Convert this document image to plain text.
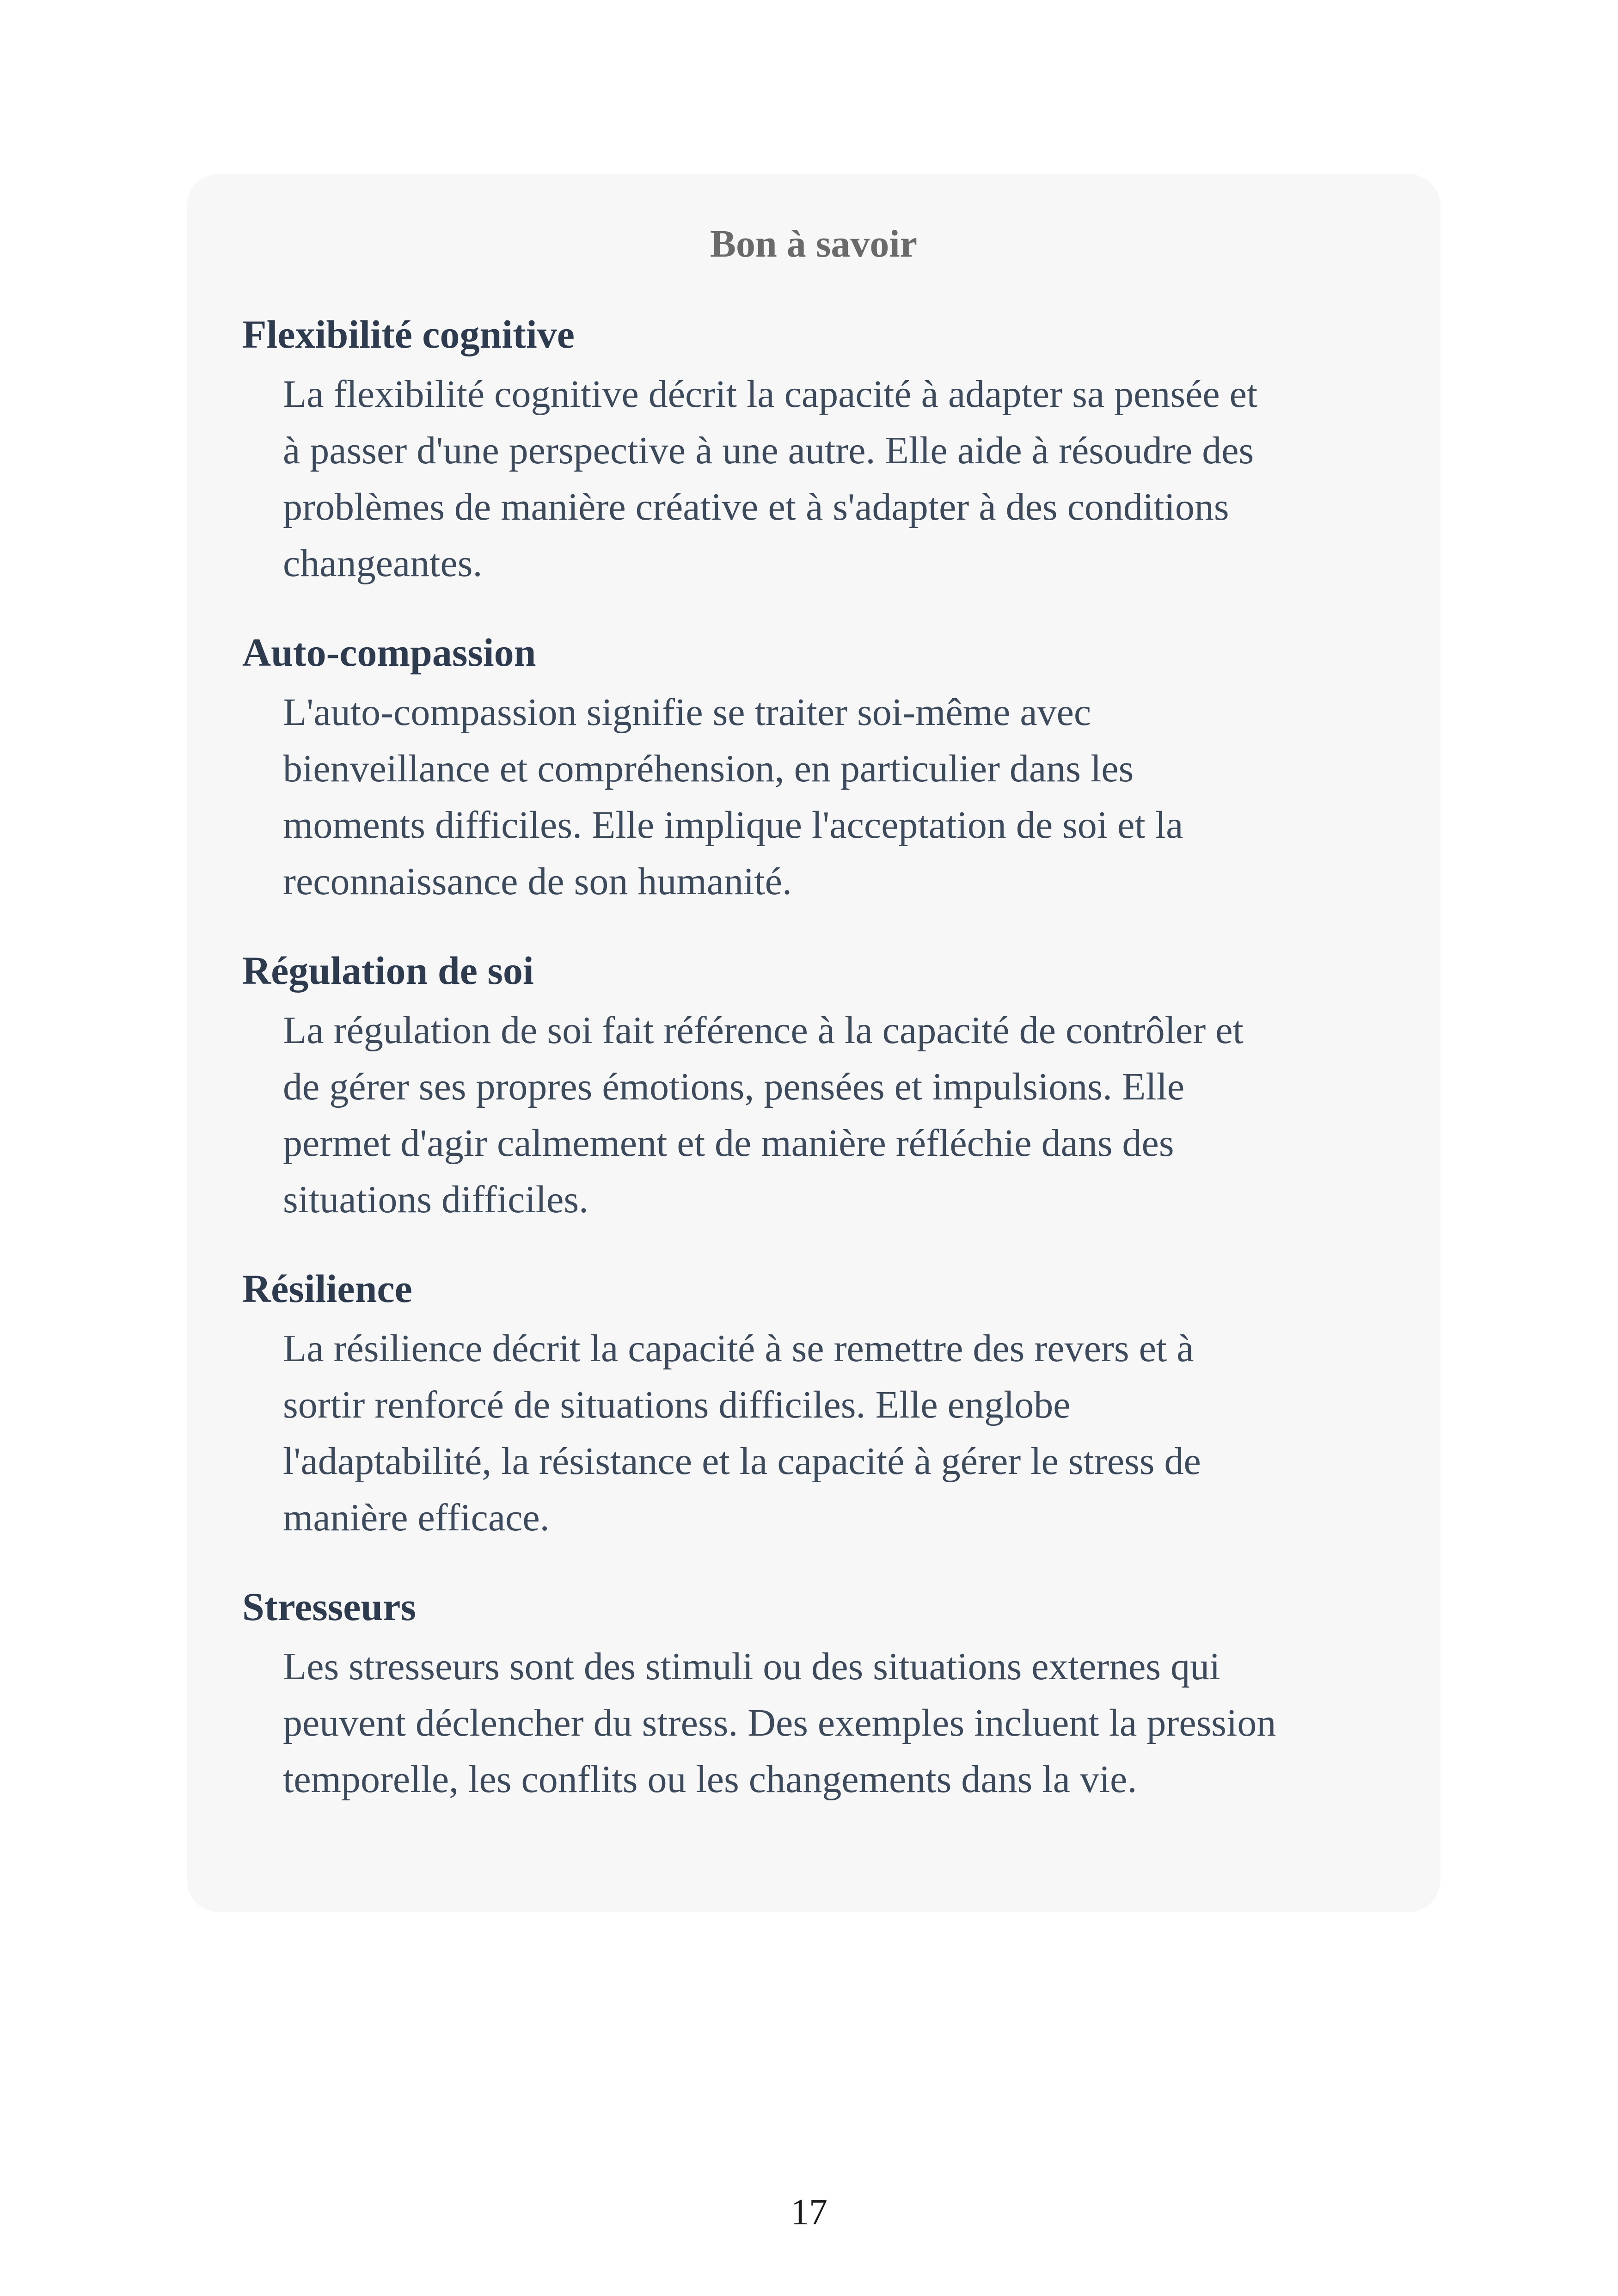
Bon à savoir
Flexibilité cognitive
La flexibilité cognitive décrit la capacité à adapter sa pensée et
à passer d'une perspective à une autre. Elle aide à résoudre des
problèmes de manière créative et à s'adapter à des conditions
changeantes.
Auto-compassion
L'auto-compassion signifie se traiter soi-même avec
bienveillance et compréhension, en particulier dans les
moments difficiles. Elle implique l'acceptation de soi et la
reconnaissance de son humanité.
Régulation de soi
La régulation de soi fait référence à la capacité de contrôler et
de gérer ses propres émotions, pensées et impulsions. Elle
permet d'agir calmement et de manière réfléchie dans des
situations difficiles.
Résilience
La résilience décrit la capacité à se remettre des revers et à
sortir renforcé de situations difficiles. Elle englobe
l'adaptabilité, la résistance et la capacité à gérer le stress de
manière efficace.
Stresseurs
Les stresseurs sont des stimuli ou des situations externes qui
peuvent déclencher du stress. Des exemples incluent la pression
temporelle, les conflits ou les changements dans la vie.
17
